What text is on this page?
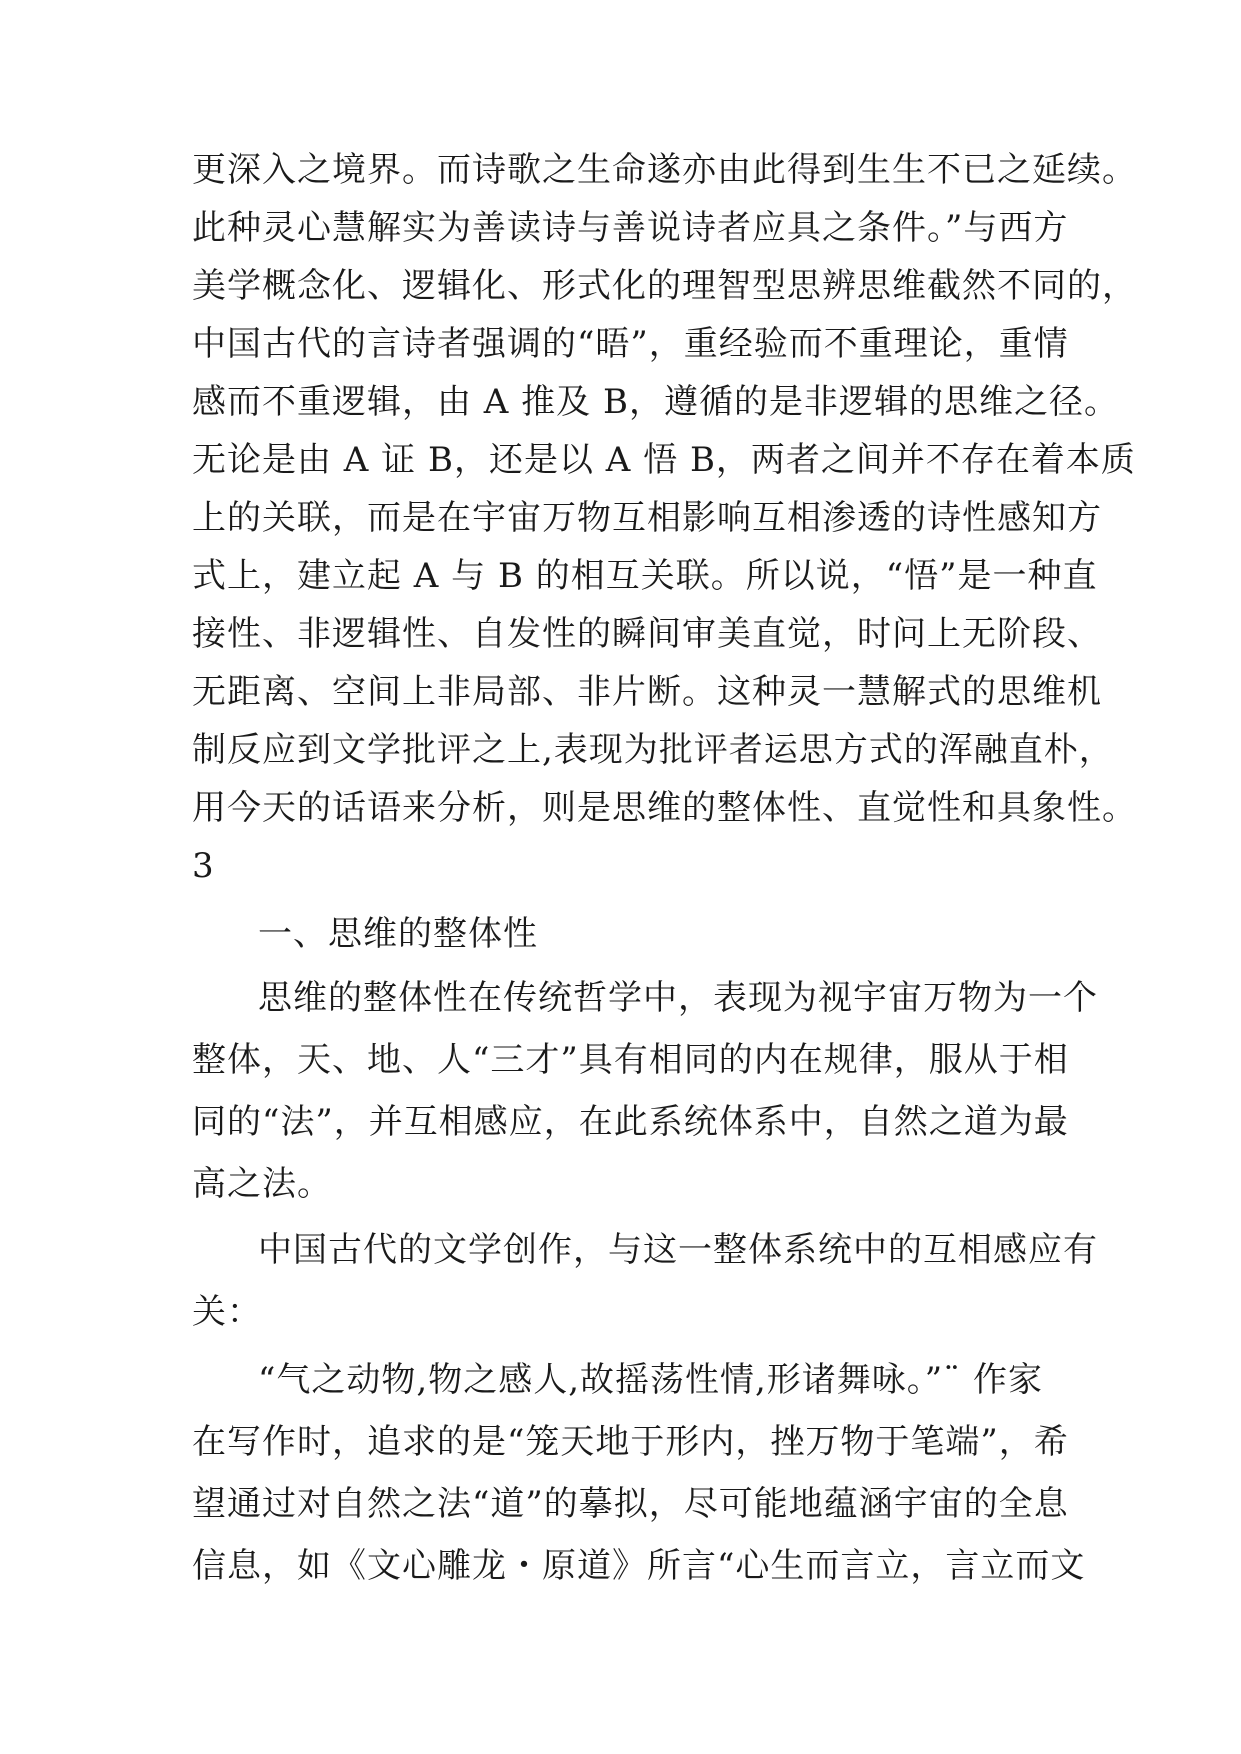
更深入之境界。而诗歌之生命遂亦由此得到生生不已之延续。
此种灵心慧解实为善读诗与善说诗者应具之条件。”与西方
美学概念化、逻辑化、形式化的理智型思辨思维截然不同的，
中国古代的言诗者强调的“晤”，重经验而不重理论，重情
感而不重逻辑，由 A 推及 B，遵循的是非逻辑的思维之径。
无论是由 A 证 B，还是以 A 悟 B，两者之间并不存在着本质
上的关联，而是在宇宙万物互相影响互相渗透的诗性感知方
式上，建立起 A 与 B 的相互关联。所以说，“悟”是一种直
接性、非逻辑性、自发性的瞬间审美直觉，时问上无阶段、
无距离、空间上非局部、非片断。这种灵一慧解式的思维机
制反应到文学批评之上,表现为批评者运思方式的浑融直朴，
用今天的话语来分析，则是思维的整体性、直觉性和具象性。
3
一、思维的整体性
思维的整体性在传统哲学中，表现为视宇宙万物为一个
整体，天、地、人“三才”具有相同的内在规律，服从于相
同的“法”，并互相感应，在此系统体系中，自然之道为最
高之法。
中国古代的文学创作，与这一整体系统中的互相感应有
关：
“气之动物,物之感人,故摇荡性情,形诸舞咏。”¨ 作家
在写作时，追求的是“笼天地于形内，挫万物于笔端”，希
望通过对自然之法“道”的摹拟，尽可能地蕴涵宇宙的全息
信息，如《文心雕龙・原道》所言“心生而言立，言立而文
